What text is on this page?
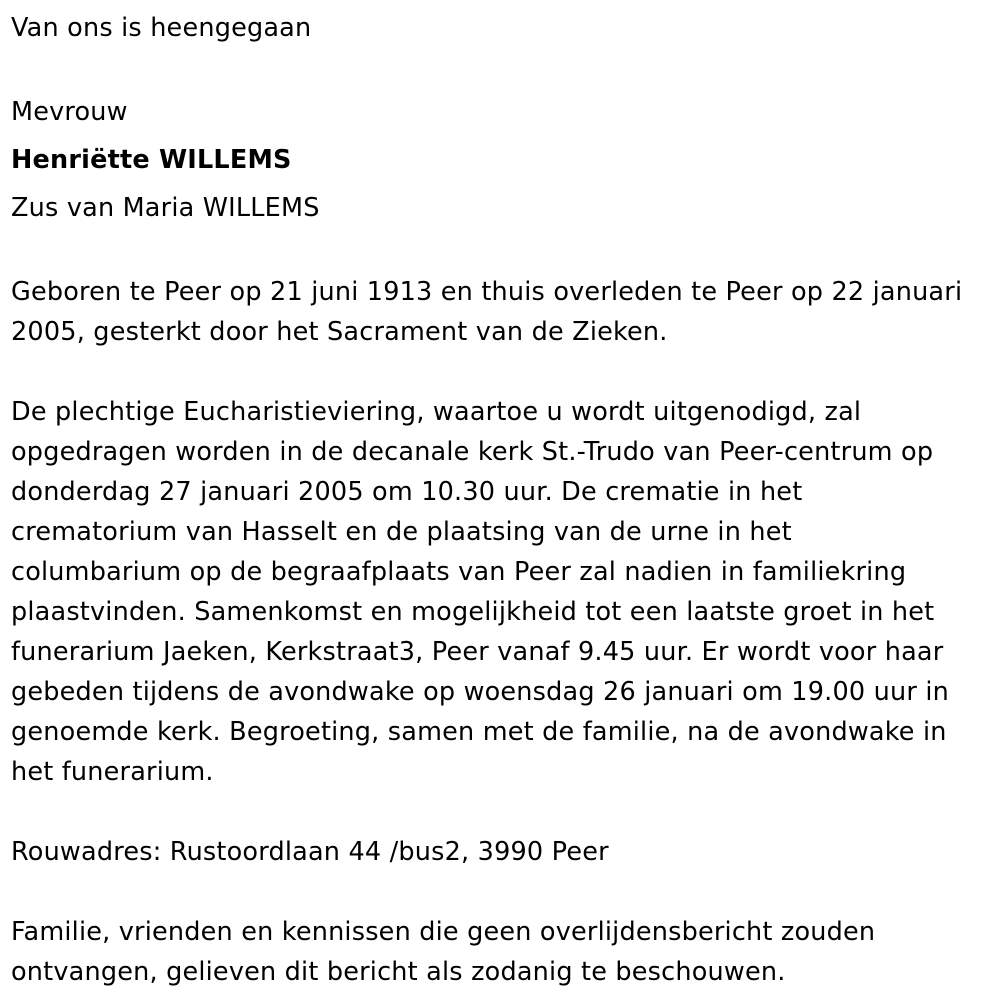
Van ons is heengegaan

Mevrouw

Henriëtte WILLEMS

Zus van Maria WILLEMS

Geboren te Peer op 21 juni 1913 en thuis overleden te Peer op 22 januari

2005, gesterkt door het Sacrament van de Zieken.

De plechtige Eucharistieviering, waartoe u wordt uitgenodigd, zal

opgedragen worden in de decanale kerk St.-Trudo van Peer-centrum op

donderdag 27 januari 2005 om 10.30 uur. De crematie in het

crematorium van Hasselt en de plaatsing van de urne in het

columbarium op de begraafplaats van Peer zal nadien in familiekring

plaastvinden. Samenkomst en mogelijkheid tot een laatste groet in het

funerarium Jaeken, Kerkstraat3, Peer vanaf 9.45 uur. Er wordt voor haar

gebeden tijdens de avondwake op woensdag 26 januari om 19.00 uur in

genoemde kerk. Begroeting, samen met de familie, na de avondwake in

het funerarium.

Rouwadres: Rustoordlaan 44 /bus2, 3990 Peer

Familie, vrienden en kennissen die geen overlijdensbericht zouden

ontvangen, gelieven dit bericht als zodanig te beschouwen.
